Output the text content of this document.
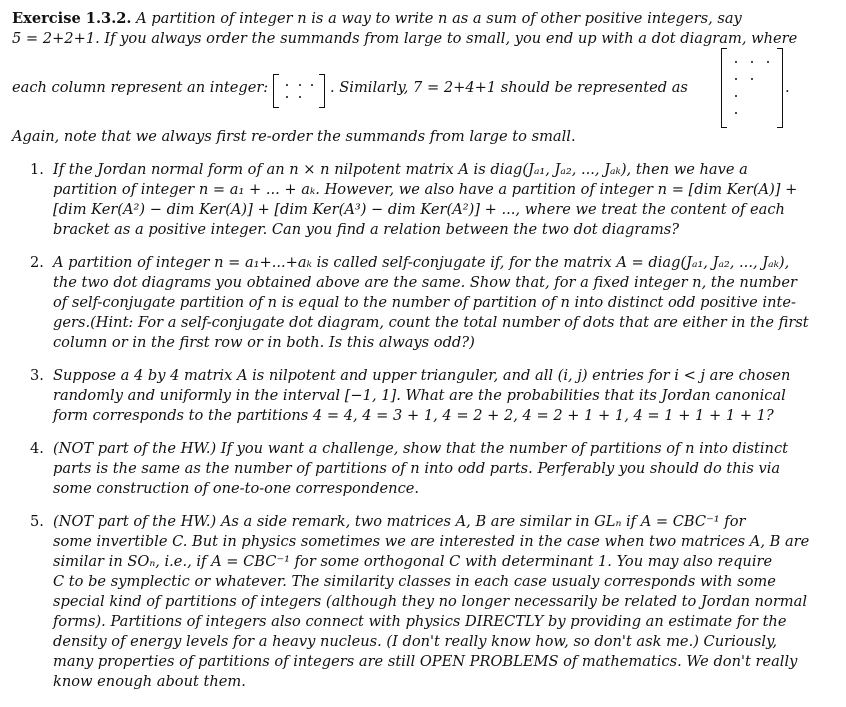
Exercise 1.3.2. A partition of integer n is a way to write n as a sum of other positive integers, say
5 = 2+2+1. If you always order the summands from large to small, you end up with a dot diagram, where
each column represent an integer:	. Similarly, 7 = 2+4+1 should be represented as	.
Again, note that we always first re-order the summands from large to small.
1. If the Jordan normal form of an n × n nilpotent matrix A is diag(Jₐ₁, Jₐ₂, ..., Jₐₖ), then we have a
partition of integer n = a₁ + ... + aₖ. However, we also have a partition of integer n = [dim Ker(A)] +
[dim Ker(A²) − dim Ker(A)] + [dim Ker(A³) − dim Ker(A²)] + ..., where we treat the content of each
bracket as a positive integer. Can you find a relation between the two dot diagrams?
2. A partition of integer n = a₁+...+aₖ is called self-conjugate if, for the matrix A = diag(Jₐ₁, Jₐ₂, ..., Jₐₖ),
the two dot diagrams you obtained above are the same. Show that, for a fixed integer n, the number
of self-conjugate partition of n is equal to the number of partition of n into distinct odd positive inte-
gers.(Hint: For a self-conjugate dot diagram, count the total number of dots that are either in the first
column or in the first row or in both. Is this always odd?)
3. Suppose a 4 by 4 matrix A is nilpotent and upper trianguler, and all (i, j) entries for i < j are chosen
randomly and uniformly in the interval [−1, 1]. What are the probabilities that its Jordan canonical
form corresponds to the partitions 4 = 4, 4 = 3 + 1, 4 = 2 + 2, 4 = 2 + 1 + 1, 4 = 1 + 1 + 1 + 1?
4. (NOT part of the HW.) If you want a challenge, show that the number of partitions of n into distinct
parts is the same as the number of partitions of n into odd parts. Perferably you should do this via
some construction of one-to-one correspondence.
5. (NOT part of the HW.) As a side remark, two matrices A, B are similar in GLₙ if A = CBC⁻¹ for
some invertible C. But in physics sometimes we are interested in the case when two matrices A, B are
similar in SOₙ, i.e., if A = CBC⁻¹ for some orthogonal C with determinant 1. You may also require
C to be symplectic or whatever. The similarity classes in each case usualy corresponds with some
special kind of partitions of integers (although they no longer necessarily be related to Jordan normal
forms). Partitions of integers also connect with physics DIRECTLY by providing an estimate for the
density of energy levels for a heavy nucleus. (I don't really know how, so don't ask me.) Curiously,
many properties of partitions of integers are still OPEN PROBLEMS of mathematics. We don't really
know enough about them.
